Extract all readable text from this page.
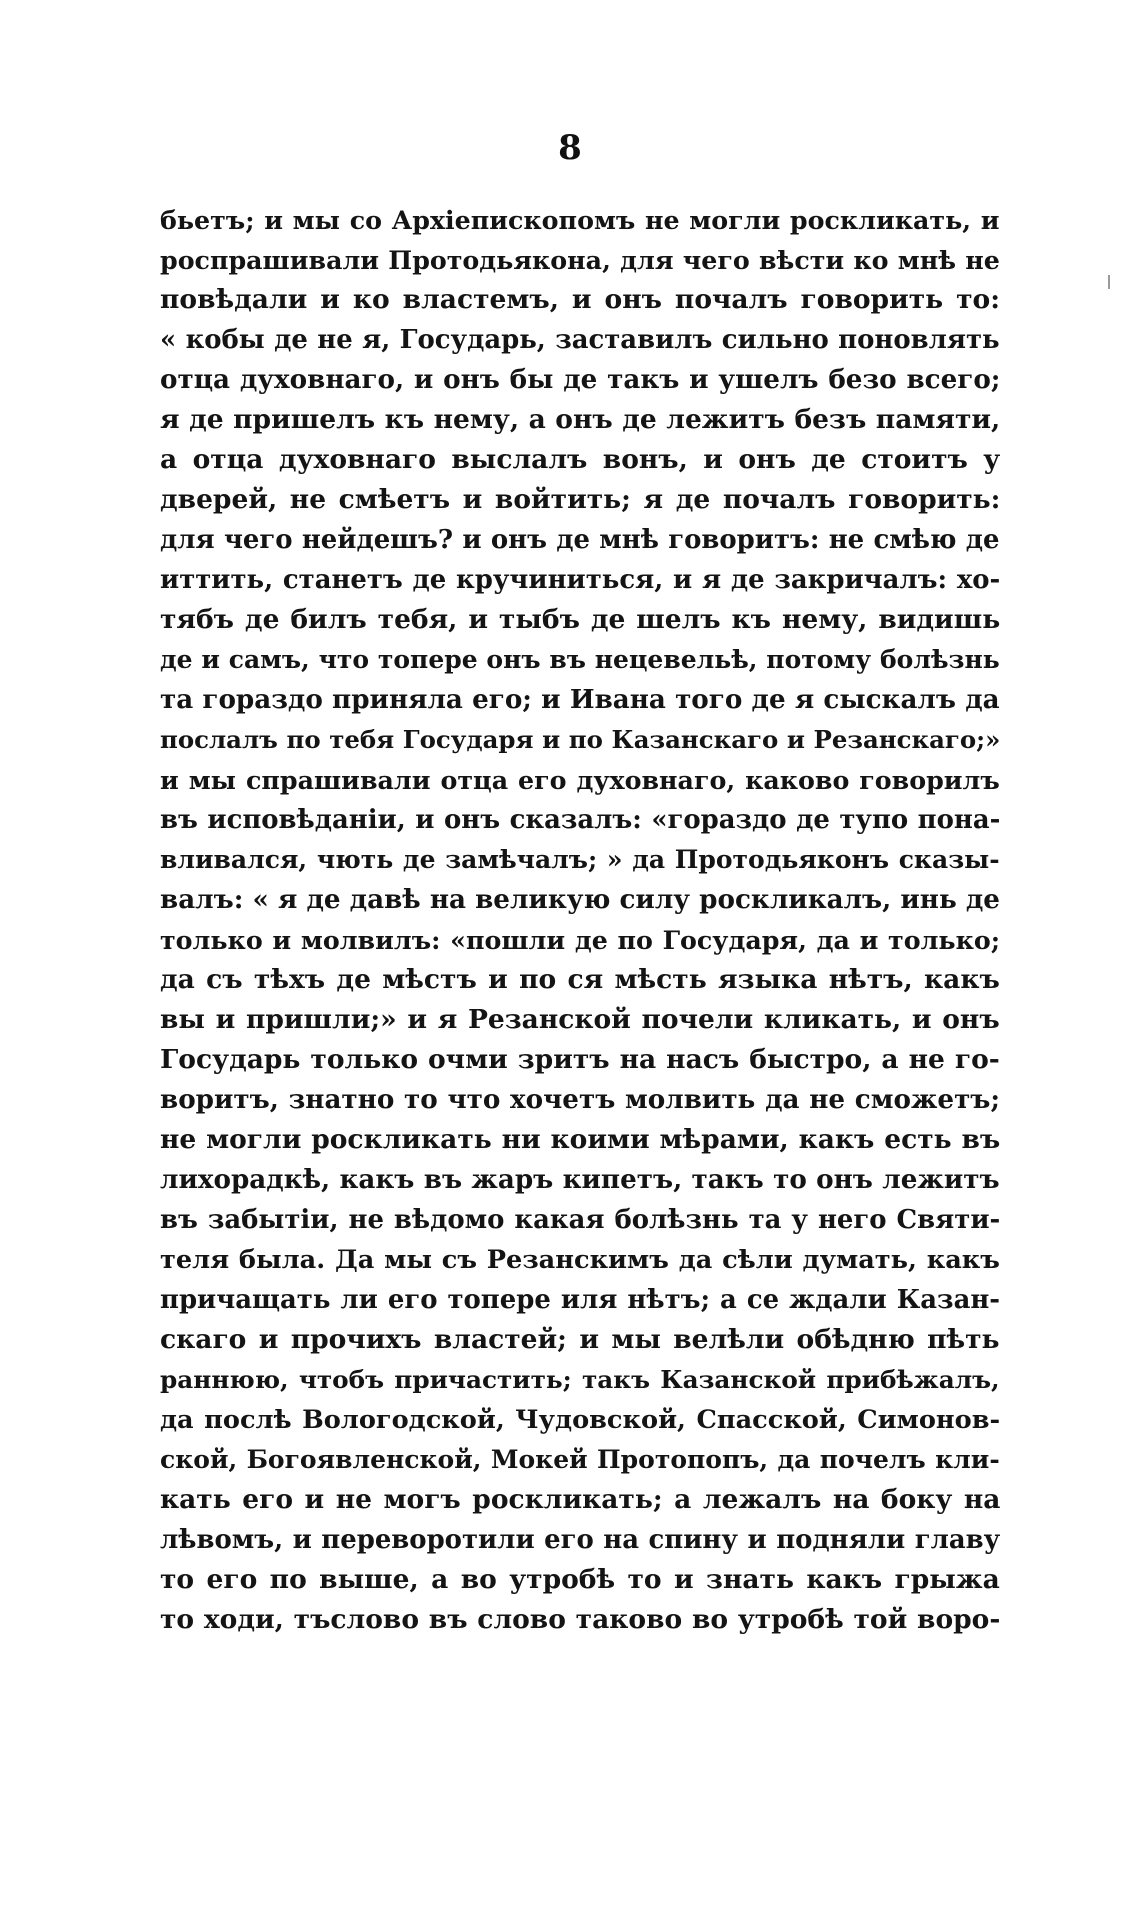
8
бьетъ; и мы со Архіепископомъ не могли роскликать, и
роспрашивали Протодьякона, для чего вѣсти ко мнѣ не
повѣдали и ко властемъ, и онъ почалъ говорить то:
« кобы де не я, Государь, заставилъ сильно поновлять
отца духовнаго, и онъ бы де такъ и ушелъ безо всего;
я де пришелъ къ нему, а онъ де лежитъ безъ памяти,
а отца духовнаго выслалъ вонъ, и онъ де стоитъ у
дверей, не смѣетъ и войтить; я де почалъ говорить:
для чего нейдешъ? и онъ де мнѣ говоритъ: не смѣю де
иттить, станетъ де кручиниться, и я де закричалъ: хо-
тябъ де билъ тебя, и тыбъ де шелъ къ нему, видишь
де и самъ, что топере онъ въ нецевельѣ, потому болѣзнь
та гораздо приняла его; и Ивана того де я сыскалъ да
послалъ по тебя Государя и по Казанскаго и Резанскаго;»
и мы спрашивали отца его духовнаго, каково говорилъ
въ исповѣданіи, и онъ сказалъ: «гораздо де тупо пона-
вливался, чють де замѣчалъ; » да Протодьяконъ сказы-
валъ: « я де давѣ на великую силу роскликалъ, инь де
только и молвилъ: «пошли де по Государя, да и только;
да съ тѣхъ де мѣстъ и по ся мѣсть языка нѣтъ, какъ
вы и пришли;» и я Резанской почели кликать, и онъ
Государь только очми зритъ на насъ быстро, а не го-
воритъ, знатно то что хочетъ молвить да не сможетъ;
не могли роскликать ни коими мѣрами, какъ есть въ
лихорадкѣ, какъ въ жаръ кипетъ, такъ то онъ лежитъ
въ забытіи, не вѣдомо какая болѣзнь та у него Святи-
теля была. Да мы съ Резанскимъ да сѣли думать, какъ
причащать ли его топере иля нѣтъ; а се ждали Казан-
скаго и прочихъ властей; и мы велѣли обѣдню пѣть
раннюю, чтобъ причастить; такъ Казанской прибѣжалъ,
да послѣ Вологодской, Чудовской, Спасской, Симонов-
ской, Богоявленской, Мокей Протопопъ, да почелъ кли-
кать его и не могъ роскликать; а лежалъ на боку на
лѣвомъ, и переворотили его на спину и подняли главу
то его по выше, а во утробѣ то и знать какъ грыжа
то ходи, тъслово въ слово таково во утробѣ той воро-
